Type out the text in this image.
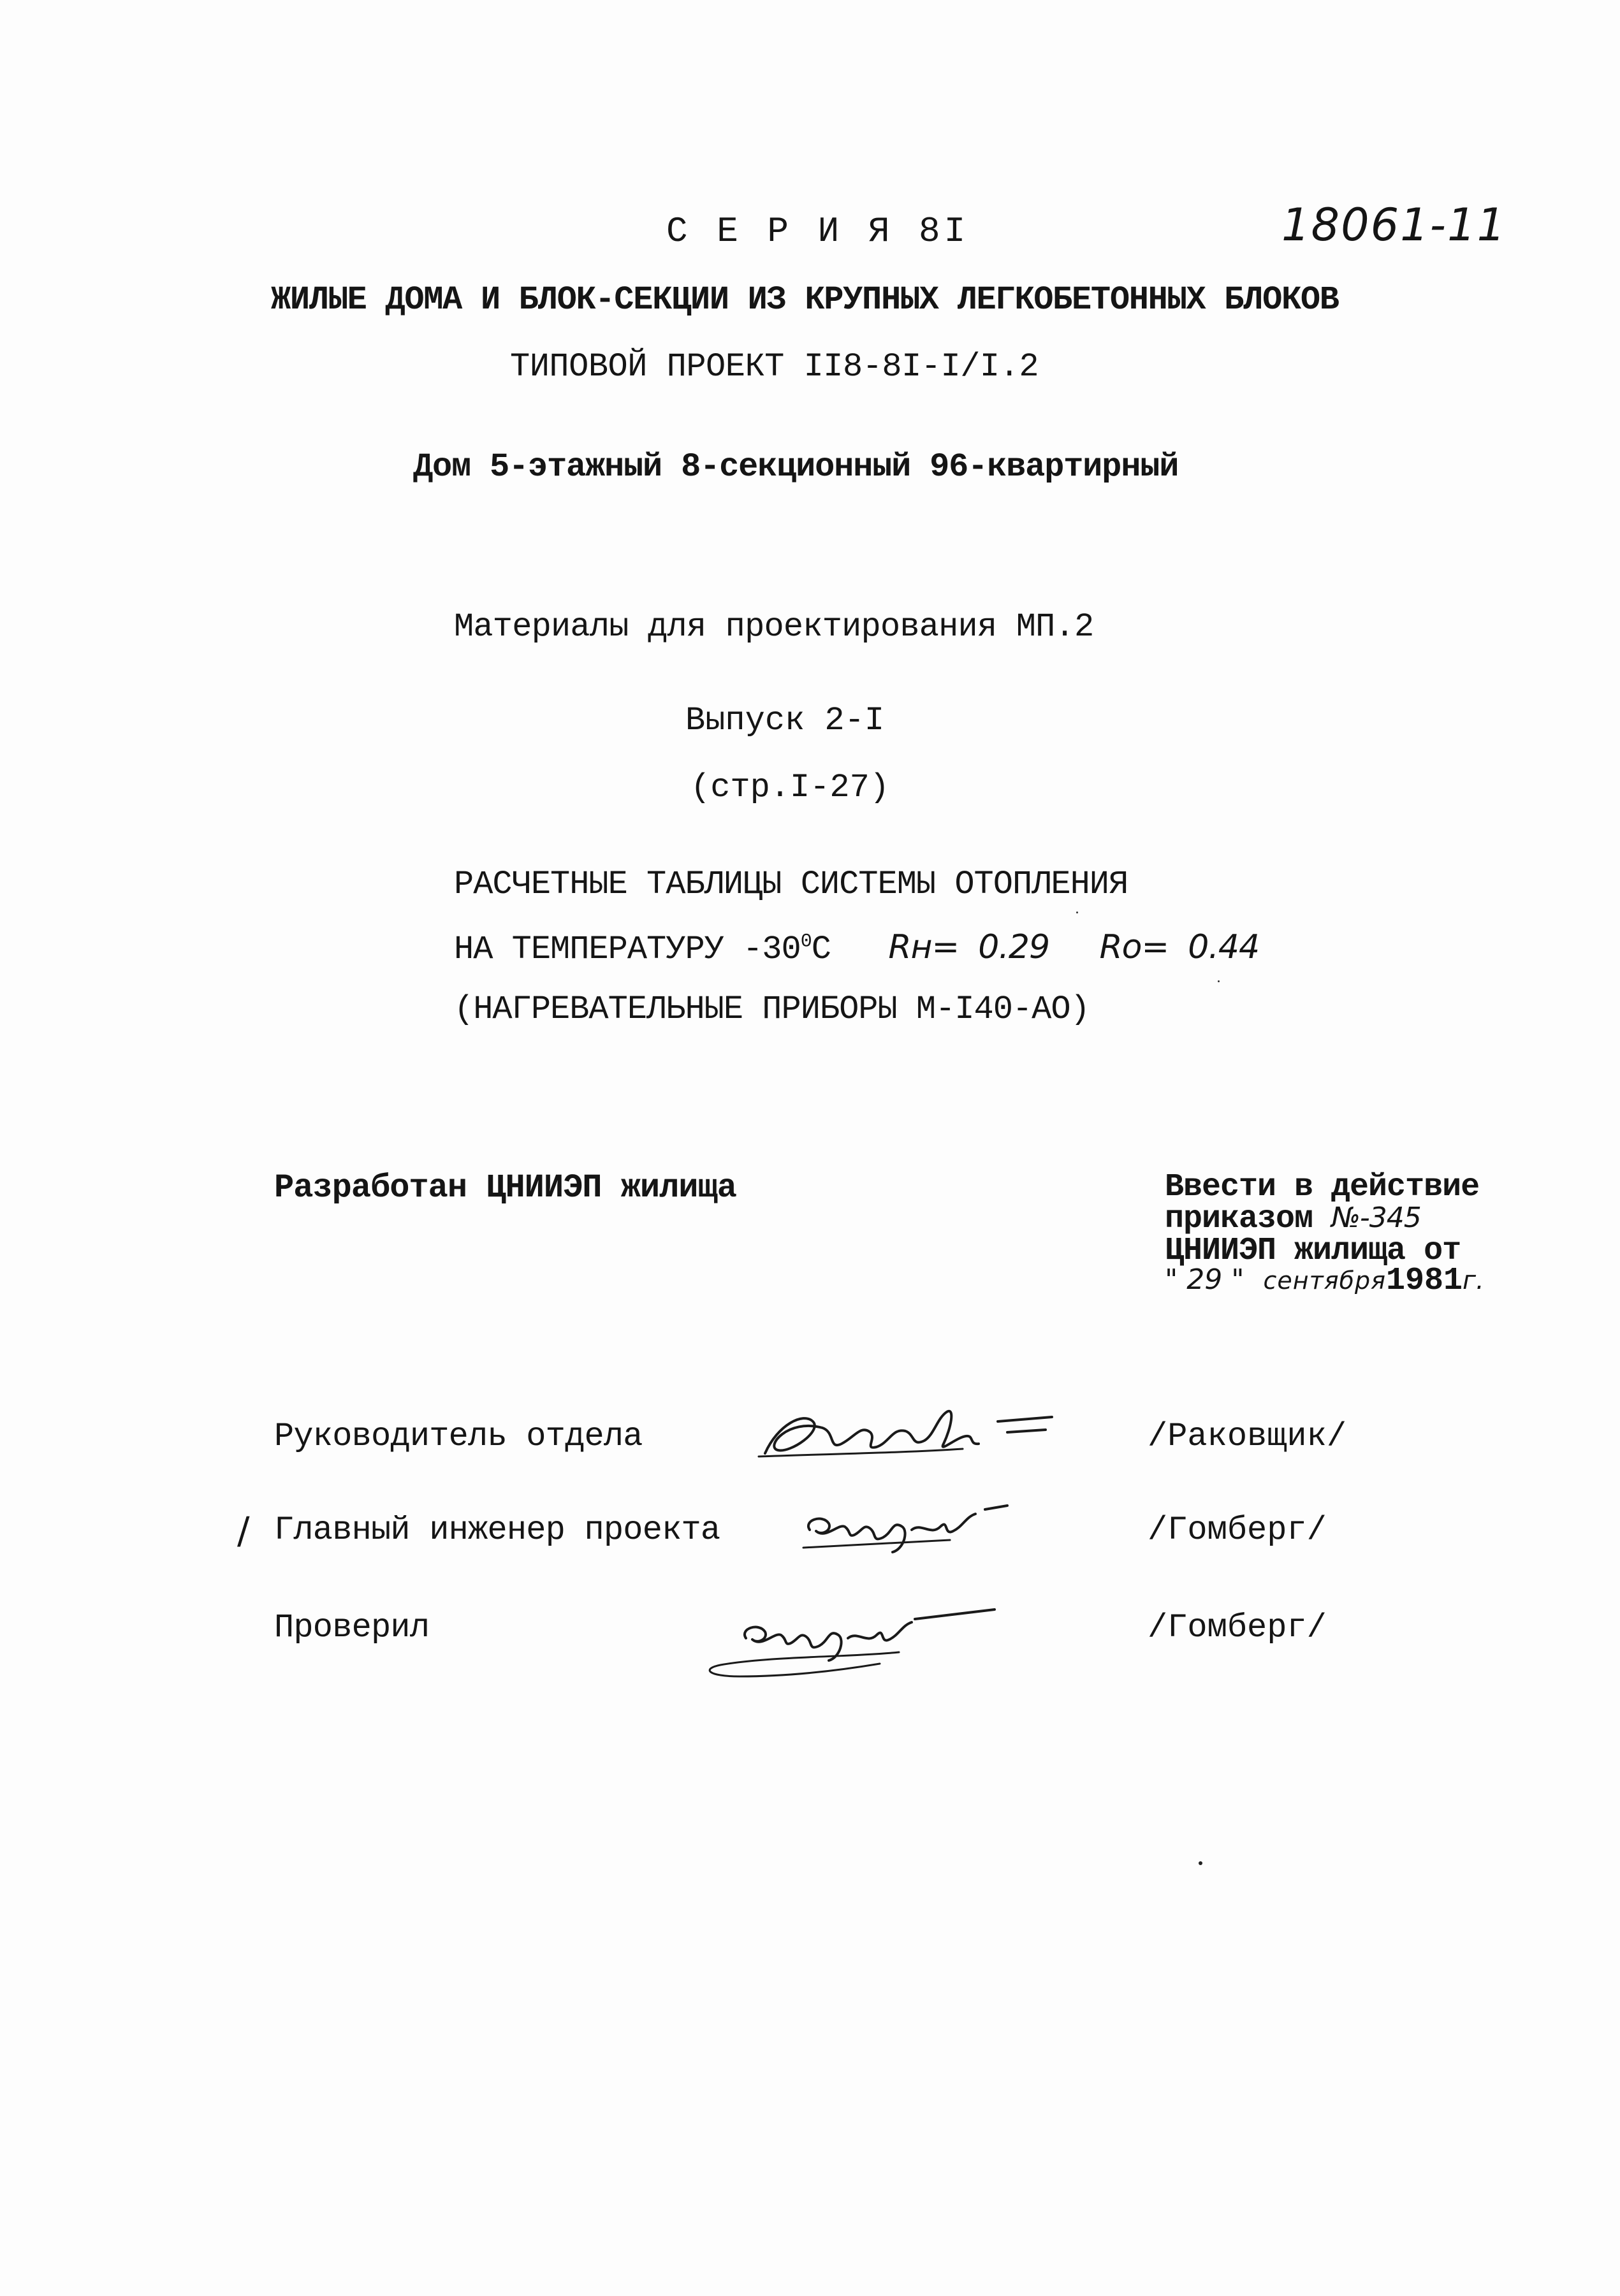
18061-11
С Е Р И Я 8I
ЖИЛЫЕ ДОМА И БЛОК-СЕКЦИИ ИЗ КРУПНЫХ ЛЕГКОБЕТОННЫХ БЛОКОВ
ТИПОВОЙ ПРОЕКТ II8-8I-I/I.2
Дом 5-этажный 8-секционный 96-квартирный
Материалы для проектирования МП.2
Выпуск 2-I
(стр.I-27)
РАСЧЕТНЫЕ ТАБЛИЦЫ СИСТЕМЫ ОТОПЛЕНИЯ
НА ТЕМПЕРАТУРУ $-30^0С$ Rн= 0.29 Ro= 0.44
(НАГРЕВАТЕЛЬНЫЕ ПРИБОРЫ М-I40-АО)
Разработан ЦНИИЭП жилища	Ввести в действие
приказом №-345
ЦНИИЭП жилища от
" 29 " сентября1981г.
/
Руководитель отдела	/Раковщик/
Главный инженер проекта	/Гомберг/
Проверил	/Гомберг/
